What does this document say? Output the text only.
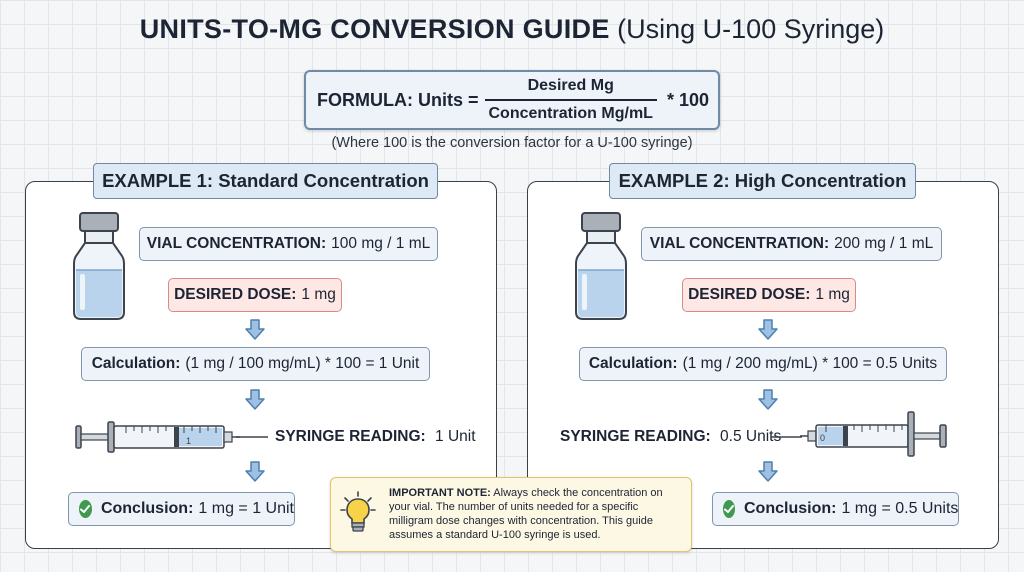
UNITS-TO-MG CONVERSION GUIDE (Using U-100 Syringe)
FORMULA: Units = $\frac{\text{Desired Mg}}{\text{Concentration Mg/mL}} * 100$
(Where 100 is the conversion factor for a U-100 syringe)
EXAMPLE 1: Standard Concentration	EXAMPLE 2: High Concentration
VIAL CONCENTRATION: 100 mg / 1 mL
DESIRED DOSE: 1 mg
Calculation: (1 mg / 100 mg/mL) * 100 = 1 Unit
SYRINGE READING: 1 Unit
Conclusion: 1 mg = 1 Unit
VIAL CONCENTRATION: 200 mg / 1 mL
DESIRED DOSE: 1 mg
Calculation: (1 mg / 200 mg/mL) * 100 = 0.5 Units
SYRINGE READING: 0.5 Units
Conclusion: 1 mg = 0.5 Units
1	0
IMPORTANT NOTE: Always check the concentration on your vial. The number of units needed for a specific milligram dose changes with concentration. This guide assumes a standard U-100 syringe is used.
